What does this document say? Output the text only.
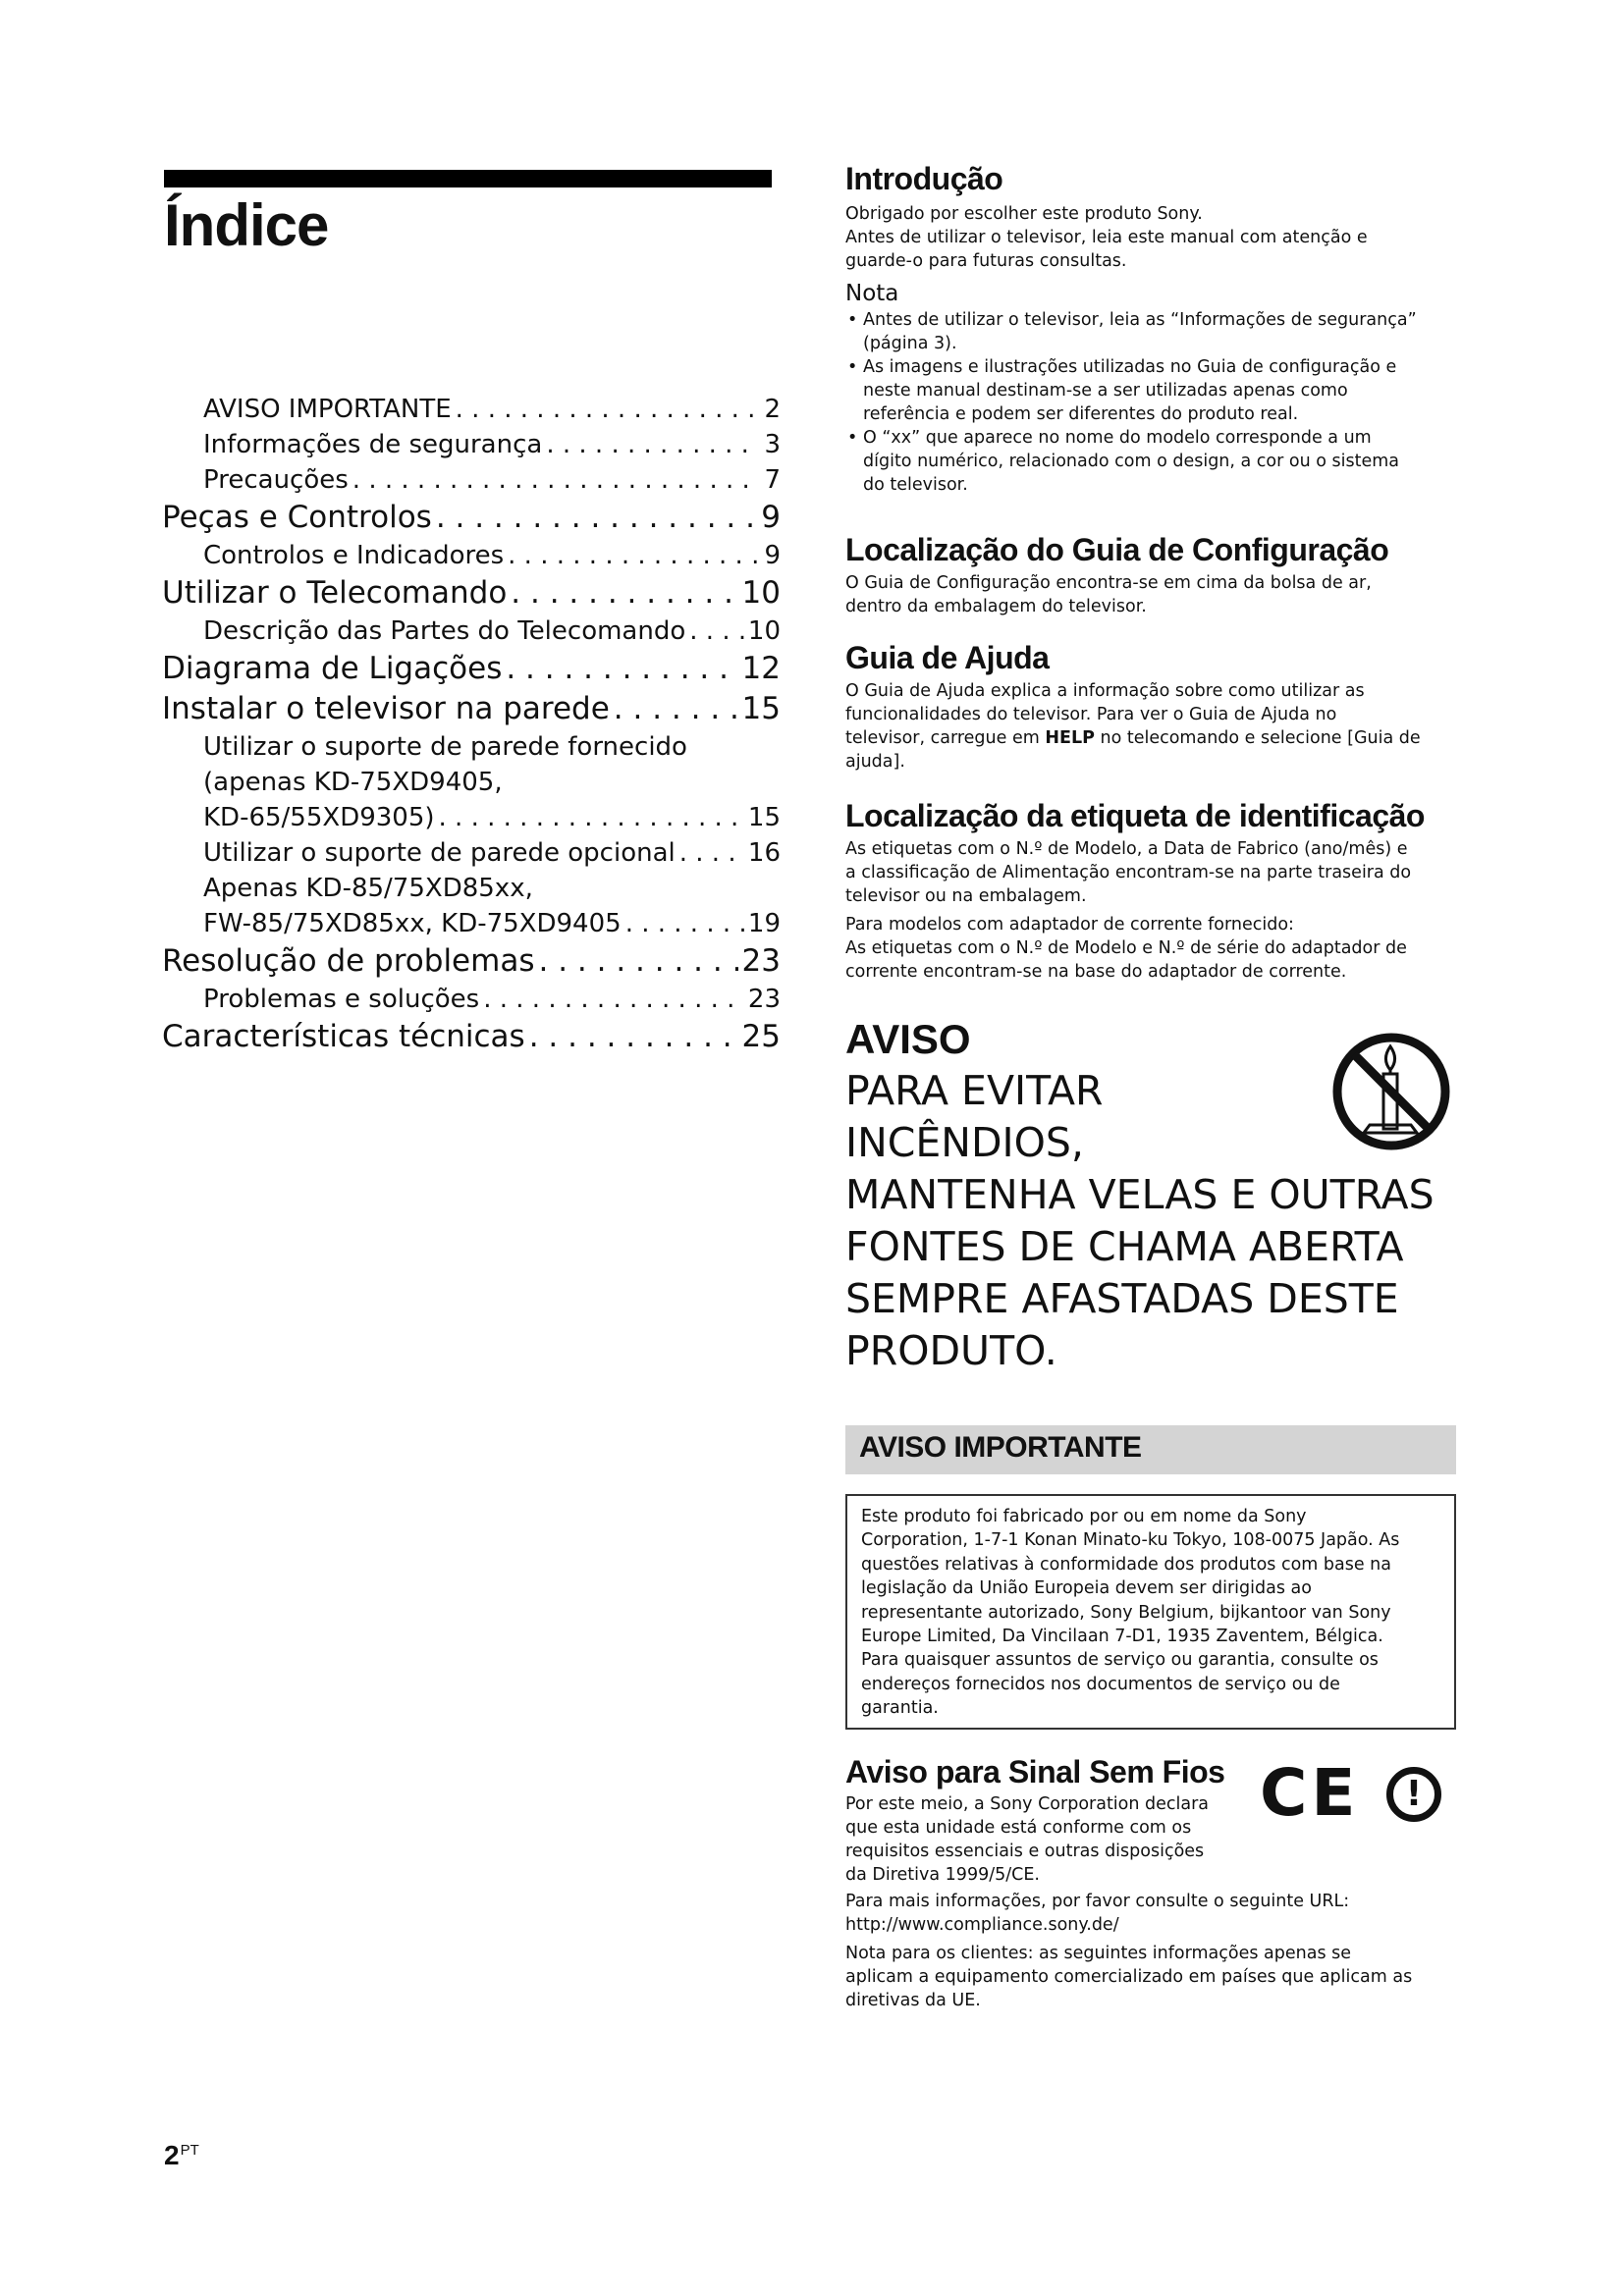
Índice
AVISO IMPORTANTE . . .	2
Informações de segurança . . .	3
Precauções . . .	7
Peças e Controlos . . .	9
Controlos e Indicadores . . .	9
Utilizar o Telecomando . . .	10
Descrição das Partes do Telecomando . . . 10
Diagrama de Ligações . . .	12
Instalar o televisor na parede . . .	15
Utilizar o suporte de parede fornecido
(apenas KD-75XD9405,
KD-65/55XD9305) . . .	15
Utilizar o suporte de parede opcional . . .	16
Apenas KD-85/75XD85xx,
FW-85/75XD85xx, KD-75XD9405 . . .	19
Resolução de problemas . . .	23
Problemas e soluções . . .	23
Características técnicas . . .	25
Introdução

Obrigado por escolher este produto Sony.
Antes de utilizar o televisor, leia este manual com atenção e
guarde-o para futuras consultas.

Nota

• Antes de utilizar o televisor, leia as “Informações de segurança”
(página 3).
• As imagens e ilustrações utilizadas no Guia de configuração e
neste manual destinam-se a ser utilizadas apenas como
referência e podem ser diferentes do produto real.
• O “xx” que aparece no nome do modelo corresponde a um
dígito numérico, relacionado com o design, a cor ou o sistema
do televisor.
Localização do Guia de Configuração

O Guia de Configuração encontra-se em cima da bolsa de ar,
dentro da embalagem do televisor.

Guia de Ajuda

O Guia de Ajuda explica a informação sobre como utilizar as
funcionalidades do televisor. Para ver o Guia de Ajuda no
televisor, carregue em HELP no telecomando e selecione [Guia de
ajuda].

Localização da etiqueta de identificação

As etiquetas com o N.º de Modelo, a Data de Fabrico (ano/mês) e
a classificação de Alimentação encontram-se na parte traseira do
televisor ou na embalagem.

Para modelos com adaptador de corrente fornecido:
As etiquetas com o N.º de Modelo e N.º de série do adaptador de
corrente encontram-se na base do adaptador de corrente.

AVISO

PARA EVITAR

INCÊNDIOS,

MANTENHA VELAS E OUTRAS

FONTES DE CHAMA ABERTA

SEMPRE AFASTADAS DESTE

PRODUTO.

AVISO IMPORTANTE

Este produto foi fabricado por ou em nome da Sony
Corporation, 1-7-1 Konan Minato-ku Tokyo, 108-0075 Japão. As
questões relativas à conformidade dos produtos com base na
legislação da União Europeia devem ser dirigidas ao
representante autorizado, Sony Belgium, bijkantoor van Sony
Europe Limited, Da Vincilaan 7-D1, 1935 Zaventem, Bélgica.
Para quaisquer assuntos de serviço ou garantia, consulte os
endereços fornecidos nos documentos de serviço ou de
garantia.

Aviso para Sinal Sem Fios

Por este meio, a Sony Corporation declara
que esta unidade está conforme com os
requisitos essenciais e outras disposições
da Diretiva 1999/5/CE.

Para mais informações, por favor consulte o seguinte URL:
http://www.compliance.sony.de/

Nota para os clientes: as seguintes informações apenas se
aplicam a equipamento comercializado em países que aplicam as
diretivas da UE.

CE	!
$2^{PT}$
